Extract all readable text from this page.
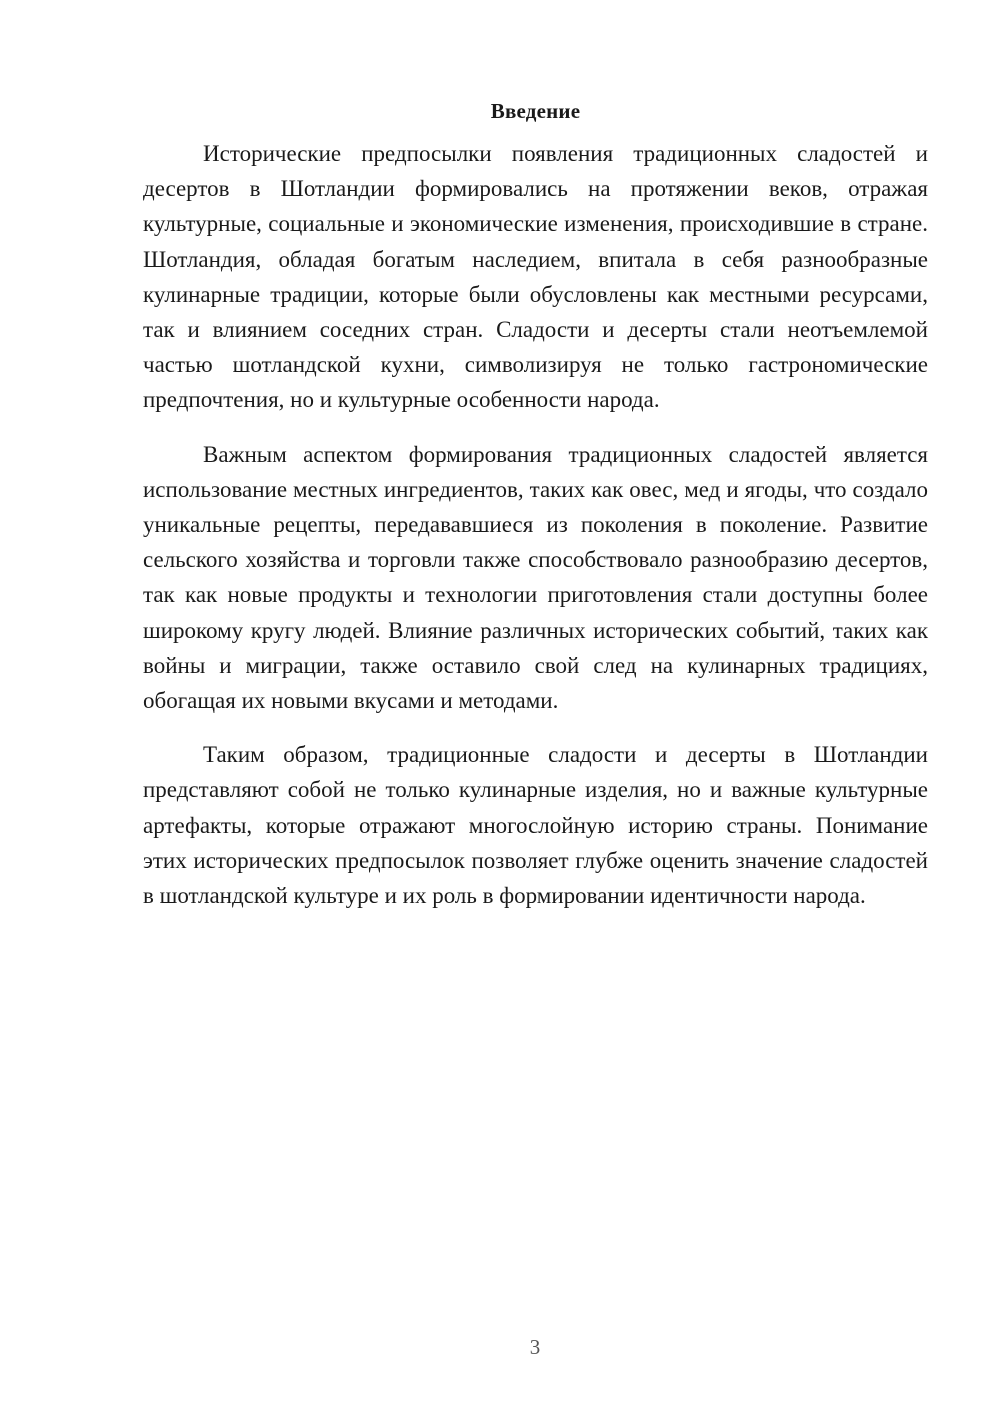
Введение

Исторические предпосылки появления традиционных сладостей и десертов в Шотландии формировались на протяжении веков, отражая культурные, социальные и экономические изменения, происходившие в стране. Шотландия, обладая богатым наследием, впитала в себя разнообразные кулинарные традиции, которые были обусловлены как местными ресурсами, так и влиянием соседних стран. Сладости и десерты стали неотъемлемой частью шотландской кухни, символизируя не только гастрономические предпочтения, но и культурные особенности народа.

Важным аспектом формирования традиционных сладостей является использование местных ингредиентов, таких как овес, мед и ягоды, что создало уникальные рецепты, передававшиеся из поколения в поколение. Развитие сельского хозяйства и торговли также способствовало разнообразию десертов, так как новые продукты и технологии приготовления стали доступны более широкому кругу людей. Влияние различных исторических событий, таких как войны и миграции, также оставило свой след на кулинарных традициях, обогащая их новыми вкусами и методами.

Таким образом, традиционные сладости и десерты в Шотландии представляют собой не только кулинарные изделия, но и важные культурные артефакты, которые отражают многослойную историю страны. Понимание этих исторических предпосылок позволяет глубже оценить значение сладостей в шотландской культуре и их роль в формировании идентичности народа.

3
